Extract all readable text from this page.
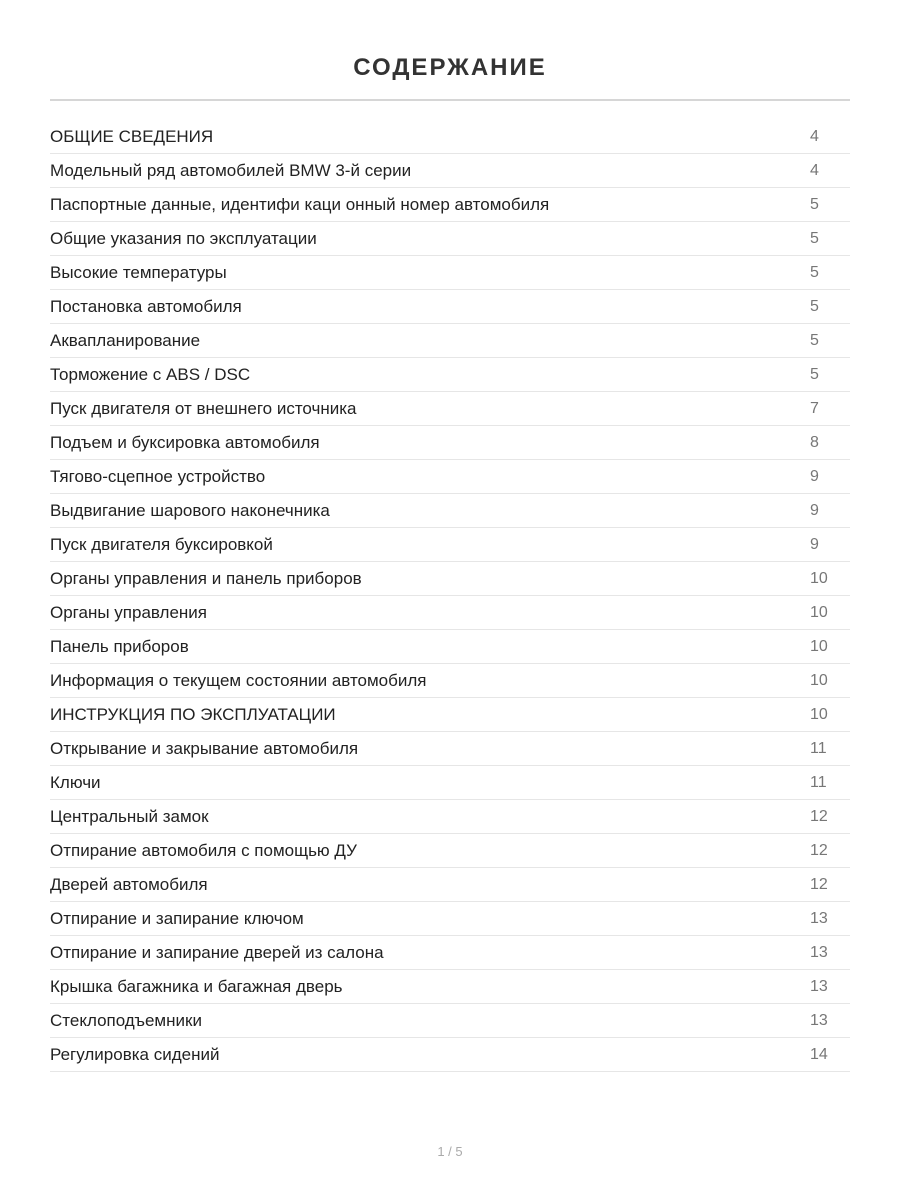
СОДЕРЖАНИЕ
ОБЩИЕ СВЕДЕНИЯ	4
Модельный ряд автомобилей BMW 3-й серии	4
Паспортные данные, идентифи каци онный номер автомобиля	5
Общие указания по эксплуатации	5
Высокие температуры	5
Постановка автомобиля	5
Аквапланирование	5
Торможение с ABS / DSC	5
Пуск двигателя от внешнего источника	7
Подъем и буксировка автомобиля	8
Тягово-сцепное устройство	9
Выдвигание шарового наконечника	9
Пуск двигателя буксировкой	9
Органы управления и панель приборов	10
Органы управления	10
Панель приборов	10
Информация о текущем состоянии автомобиля	10
ИНСТРУКЦИЯ ПО ЭКСПЛУАТАЦИИ	10
Открывание и закрывание автомобиля	11
Ключи	11
Центральный замок	12
Отпирание автомобиля с помощью ДУ	12
Дверей автомобиля	12
Отпирание и запирание ключом	13
Отпирание и запирание дверей из салона	13
Крышка багажника и багажная дверь	13
Стеклоподъемники	13
Регулировка сидений	14
1 / 5
